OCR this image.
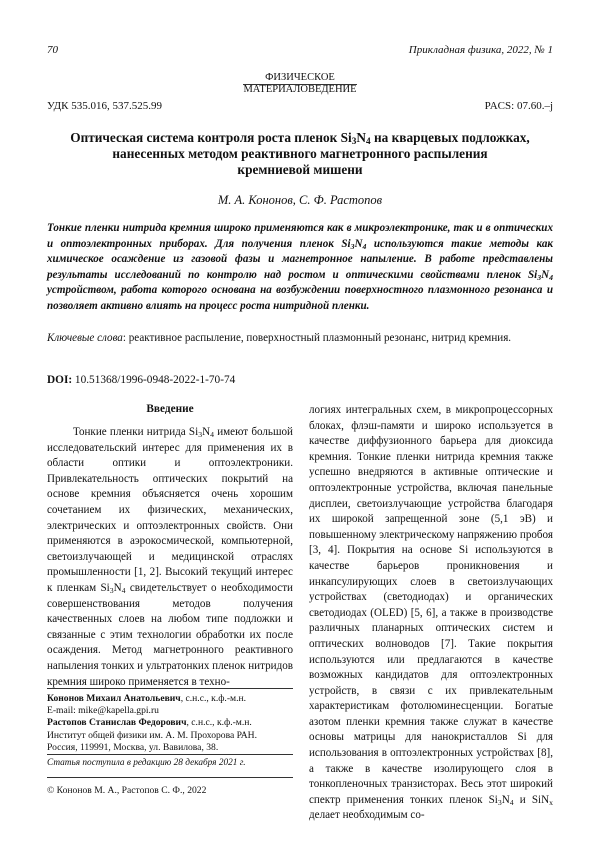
70	Прикладная физика, 2022, № 1
ФИЗИЧЕСКОЕ
МАТЕРИАЛОВЕДЕНИЕ
УДК 535.016, 537.525.99	PACS: 07.60.–j
Оптическая система контроля роста пленок $Si_3N_4$ на кварцевых подложках,
нанесенных методом реактивного магнетронного распыления
кремниевой мишени
М. А. Кононов, С. Ф. Растопов
Тонкие пленки нитрида кремния широко применяются как в микроэлектронике, так и в оптических и оптоэлектронных приборах. Для получения пленок $Si_3N_4$ используются такие методы как химическое осаждение из газовой фазы и магнетронное напыление. В работе представлены результаты исследований по контролю над ростом и оптическими свойствами пленок $Si_3N_4$ устройством, работа которого основана на возбуждении поверхностного плазмонного резонанса и позволяет активно влиять на процесс роста нитридной пленки.
Ключевые слова: реактивное распыление, поверхностный плазмонный резонанс, нитрид кремния.
DOI: 10.51368/1996-0948-2022-1-70-74
Введение

Тонкие пленки нитрида $Si_3N_4$ имеют большой исследовательский интерес для применения их в области оптики и оптоэлектроники. Привлекательность оптических покрытий на основе кремния объясняется очень хорошим сочетанием их физических, механических, электрических и оптоэлектронных свойств. Они применяются в аэрокосмической, компьютерной, светоизлучающей и медицинской отраслях промышленности [1, 2]. Высокий текущий интерес к пленкам $Si_3N_4$ свидетельствует о необходимости совершенствования методов получения качественных слоев на любом типе подложки и связанные с этим технологии обработки их после осаждения. Метод магнетронного реактивного напыления тонких и ультратонких пленок нитридов кремния широко применяется в техно-

логиях интегральных схем, в микропроцессорных блоках, флэш-памяти и широко используется в качестве диффузионного барьера для диоксида кремния. Тонкие пленки нитрида кремния также успешно внедряются в активные оптические и оптоэлектронные устройства, включая панельные дисплеи, светоизлучающие устройства благодаря их широкой запрещенной зоне (5,1 эВ) и повышенному электрическому напряжению пробоя [3, 4]. Покрытия на основе Si используются в качестве барьеров проникновения и инкапсулирующих слоев в светоизлучающих устройствах (светодиодах) и органических светодиодах (OLED) [5, 6], а также в производстве различных планарных оптических систем и оптических волноводов [7]. Такие покрытия используются или предлагаются в качестве возможных кандидатов для оптоэлектронных устройств, в связи с их привлекательным характеристикам фотолюминесценции. Богатые азотом пленки кремния также служат в качестве основы матрицы для нанокристаллов Si для использования в оптоэлектронных устройствах [8], а также в качестве изолирующего слоя в тонкопленочных транзисторах. Весь этот широкий спектр применения тонких пленок $Si_3N_4$ и SiN$_x$ делает необходимым со-

Кононов Михаил Анатольевич, с.н.с., к.ф.-м.н.
E-mail: mike@kapella.gpi.ru
Растопов Станислав Федорович, с.н.с., к.ф.-м.н.
Институт общей физики им. А. М. Прохорова РАН.
Россия, 119991, Москва, ул. Вавилова, 38.
Статья поступила в редакцию 28 декабря 2021 г.
© Кононов М. А., Растопов С. Ф., 2022
